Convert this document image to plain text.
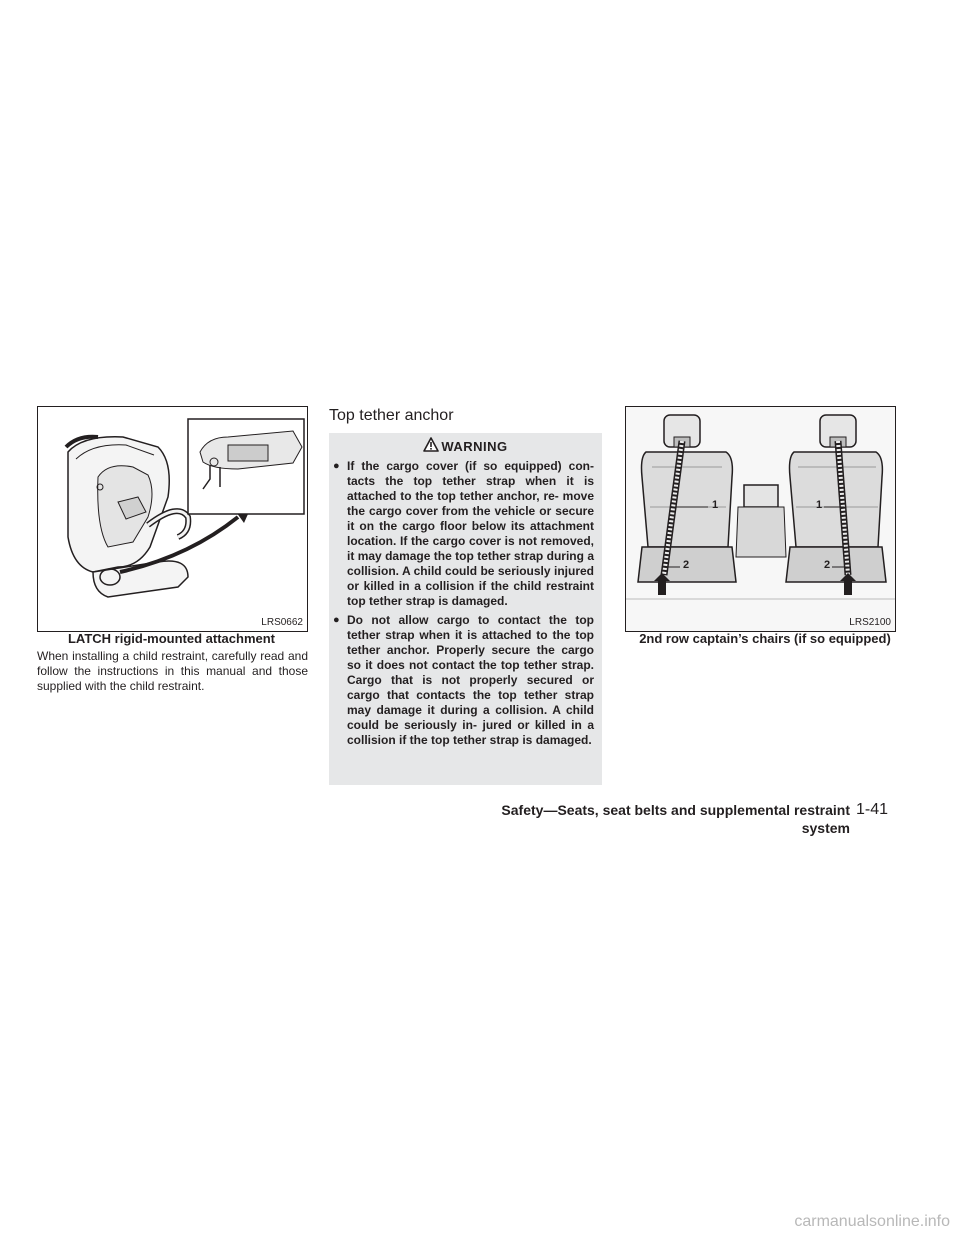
LRS0662
LATCH rigid-mounted attachment
When installing a child restraint, carefully read and follow the instructions in this manual and those supplied with the child restraint.
Top tether anchor
WARNING
● If the cargo cover (if so equipped) con- tacts the top tether strap when it is attached to the top tether anchor, re- move the cargo cover from the vehicle or secure it on the cargo floor below its attachment location. If the cargo cover is not removed, it may damage the top tether strap during a collision. A child could be seriously injured or killed in a collision if the child restraint top tether strap is damaged.
● Do not allow cargo to contact the top tether strap when it is attached to the top tether anchor. Properly secure the cargo so it does not contact the top tether strap. Cargo that is not properly secured or cargo that contacts the top tether strap may damage it during a collision. A child could be seriously in- jured or killed in a collision if the top tether strap is damaged.
1	1
2	2
LRS2100
2nd row captain’s chairs (if so equipped)
Safety—Seats, seat belts and supplemental restraint system
1-41
carmanualsonline.info
